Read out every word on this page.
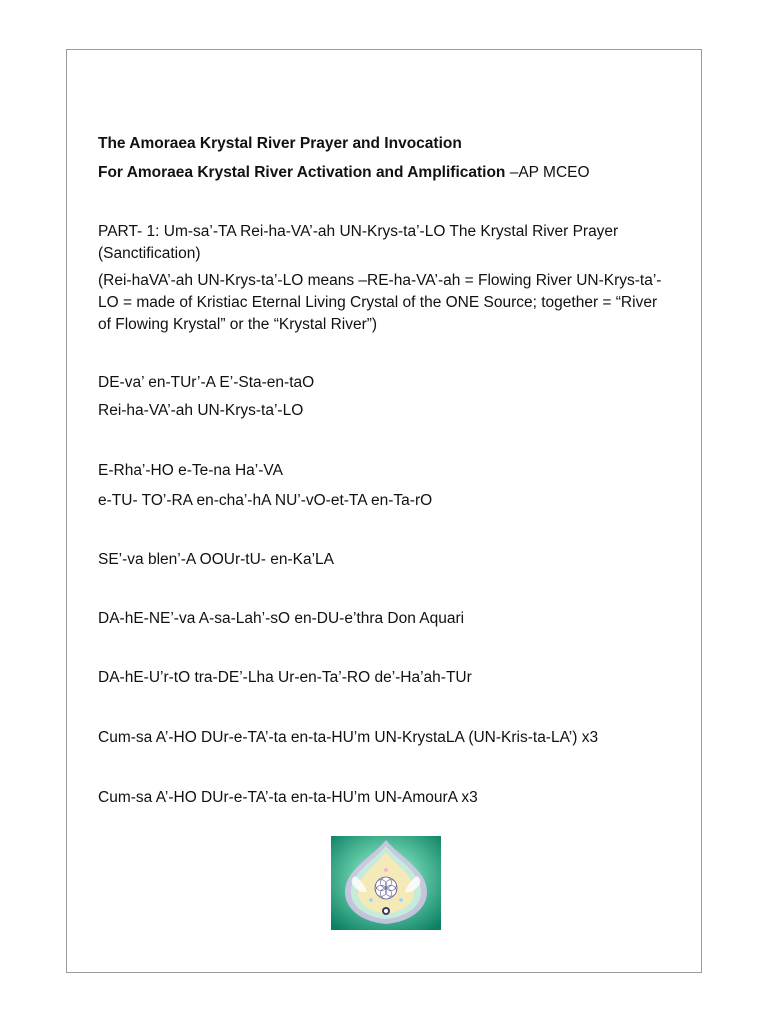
The Amoraea Krystal River Prayer and Invocation

For Amoraea Krystal River Activation and Amplification –AP MCEO

PART- 1: Um-sa’-TA Rei-ha-VA’-ah UN-Krys-ta’-LO The Krystal River Prayer (Sanctification)

(Rei-haVA’-ah UN-Krys-ta’-LO means –RE-ha-VA’-ah = Flowing River UN-Krys-ta’-LO = made of Kristiac Eternal Living Crystal of the ONE Source; together = “River of Flowing Krystal” or the “Krystal River”)

DE-va’ en-TUr’-A E’-Sta-en-taO

Rei-ha-VA’-ah UN-Krys-ta’-LO

E-Rha’-HO e-Te-na Ha’-VA

e-TU- TO’-RA en-cha’-hA NU’-vO-et-TA en-Ta-rO

SE’-va blen’-A OOUr-tU- en-Ka’LA

DA-hE-NE’-va A-sa-Lah’-sO en-DU-e’thra Don Aquari

DA-hE-U’r-tO tra-DE’-Lha Ur-en-Ta’-RO de’-Ha’ah-TUr

Cum-sa A’-HO DUr-e-TA’-ta en-ta-HU’m UN-KrystaLA (UN-Kris-ta-LA’) x3

Cum-sa A’-HO DUr-e-TA’-ta en-ta-HU’m UN-AmourA x3
